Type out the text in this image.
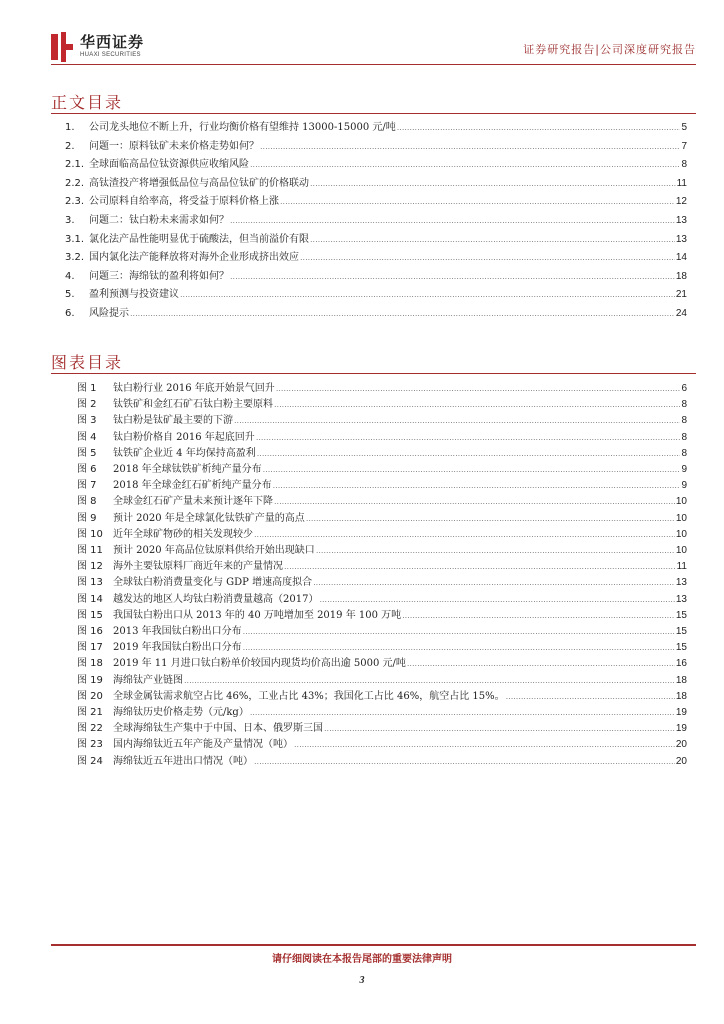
华西证券
HUAXI SECURITIES	证券研究报告|公司深度研究报告
正文目录
1.	公司龙头地位不断上升，行业均衡价格有望维持 13000-15000 元/吨 .....	5
2.	问题一：原料钛矿未来价格走势如何？ .....	7
2.1. 全球面临高品位钛资源供应收缩风险 .....	8
2.2. 高钛渣投产将增强低品位与高品位钛矿的价格联动 .....	11
2.3. 公司原料自给率高，将受益于原料价格上涨 .....	12
3.	问题二：钛白粉未来需求如何？ .....	13
3.1. 氯化法产品性能明显优于硫酸法，但当前溢价有限 .....	13
3.2. 国内氯化法产能释放将对海外企业形成挤出效应 .....	14
4.	问题三：海绵钛的盈利将如何？ .....	18
5.	盈利预测与投资建议 .....	21
6.	风险提示 .....	24
图表目录
图 1	钛白粉行业 2016 年底开始景气回升 .....	6
图 2	钛铁矿和金红石矿石钛白粉主要原料 .....	8
图 3	钛白粉是钛矿最主要的下游 .....	8
图 4	钛白粉价格自 2016 年起底回升 .....	8
图 5	钛铁矿企业近 4 年均保持高盈利 .....	8
图 6	2018 年全球钛铁矿析纯产量分布 .....	9
图 7	2018 年全球金红石矿析纯产量分布 .....	9
图 8	全球金红石矿产量未来预计逐年下降 .....	10
图 9	预计 2020 年是全球氯化钛铁矿产量的高点 .....	10
图 10	近年全球矿物砂的相关发现较少 .....	10
图 11	预计 2020 年高品位钛原料供给开始出现缺口 .....	10
图 12	海外主要钛原料厂商近年来的产量情况 .....	11
图 13	全球钛白粉消费量变化与 GDP 增速高度拟合 .....	13
图 14	越发达的地区人均钛白粉消费量越高（2017） .....	13
图 15	我国钛白粉出口从 2013 年的 40 万吨增加至 2019 年 100 万吨 .....	15
图 16	2013 年我国钛白粉出口分布 .....	15
图 17	2019 年我国钛白粉出口分布 .....	15
图 18	2019 年 11 月进口钛白粉单价较国内现货均价高出逾 5000 元/吨 .....	16
图 19	海绵钛产业链图 .....	18
图 20	全球金属钛需求航空占比 46%，工业占比 43%；我国化工占比 46%，航空占比 15%。 .....	18
图 21	海绵钛历史价格走势（元/kg） .....	19
图 22	全球海绵钛生产集中于中国、日本、俄罗斯三国 .....	19
图 23	国内海绵钛近五年产能及产量情况（吨） .....	20
图 24	海绵钛近五年进出口情况（吨） .....	20
请仔细阅读在本报告尾部的重要法律声明
3
